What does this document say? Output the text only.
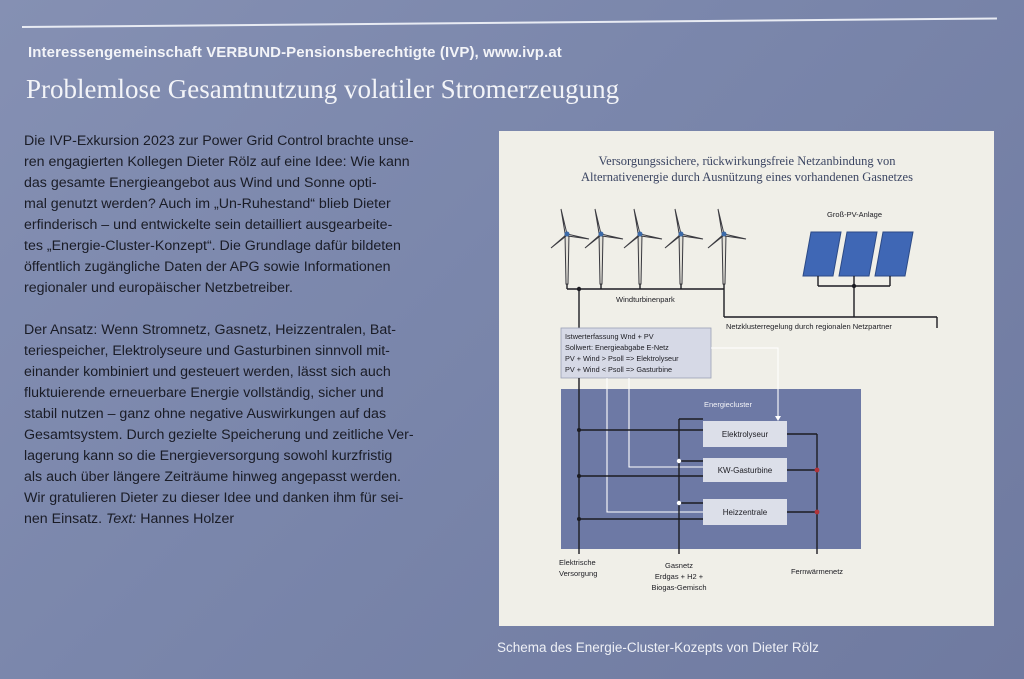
Interessengemeinschaft VERBUND-Pensionsberechtigte (IVP), www.ivp.at
Problemlose Gesamtnutzung volatiler Stromerzeugung
Die IVP-Exkursion 2023 zur Power Grid Control brachte unse-
ren engagierten Kollegen Dieter Rölz auf eine Idee: Wie kann
das gesamte Energieangebot aus Wind und Sonne opti-
mal genutzt werden? Auch im „Un-Ruhestand“ blieb Dieter
erfinderisch – und entwickelte sein detailliert ausgearbeite-
tes „Energie-Cluster-Konzept“. Die Grundlage dafür bildeten
öffentlich zugängliche Daten der APG sowie Informationen
regionaler und europäischer Netzbetreiber.
Der Ansatz: Wenn Stromnetz, Gasnetz, Heizzentralen, Bat-
teriespeicher, Elektrolyseure und Gasturbinen sinnvoll mit-
einander kombiniert und gesteuert werden, lässt sich auch
fluktuierende erneuerbare Energie vollständig, sicher und
stabil nutzen – ganz ohne negative Auswirkungen auf das
Gesamtsystem. Durch gezielte Speicherung und zeitliche Ver-
lagerung kann so die Energieversorgung sowohl kurzfristig
als auch über längere Zeiträume hinweg angepasst werden.
Wir gratulieren Dieter zu dieser Idee und danken ihm für sei-
nen Einsatz. Text: Hannes Holzer
Versorgungssichere, rückwirkungsfreie Netzanbindung von
Alternativenergie durch Ausnützung eines vorhandenen Gasnetzes
Windturbinenpark
Groß-PV-Anlage
Netzklusterregelung durch regionalen Netzpartner
Energiecluster
Istwerterfassung Wnd + PV
Sollwert: Energieabgabe E-Netz
PV + Wind > Psoll => Elektrolyseur
PV + Wind < Psoll => Gasturbine
Elektrolyseur
KW-Gasturbine
Heizzentrale
Elektrische
Versorgung
Gasnetz
Erdgas + H2 +
Biogas-Gemisch
Fernwärmenetz
Schema des Energie-Cluster-Kozepts von Dieter Rölz
